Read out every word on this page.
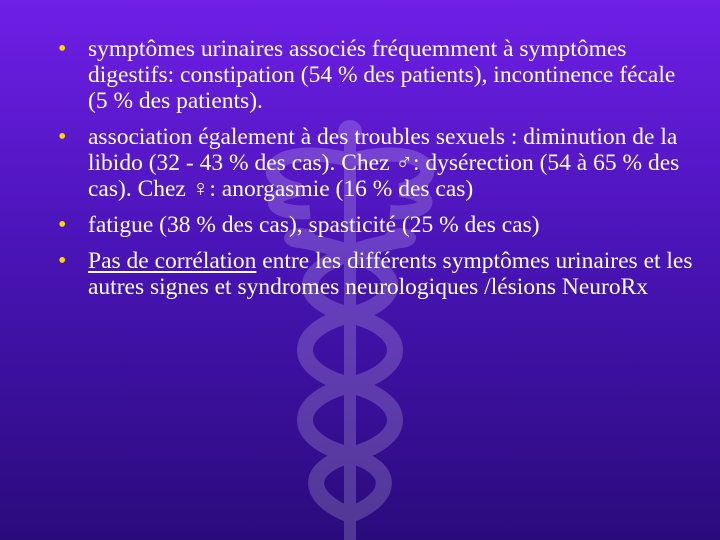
• symptômes urinaires associés fréquemment à symptômes digestifs: constipation (54 % des patients), incontinence fécale (5 % des patients).
• association également à des troubles sexuels : diminution de la libido (32 - 43 % des cas). Chez ♂: dysérection (54 à 65 % des cas). Chez ♀: anorgasmie (16 % des cas)
• fatigue (38 % des cas), spasticité (25 % des cas)
• Pas de corrélation entre les différents symptômes urinaires et les autres signes et syndromes neurologiques /lésions NeuroRx
